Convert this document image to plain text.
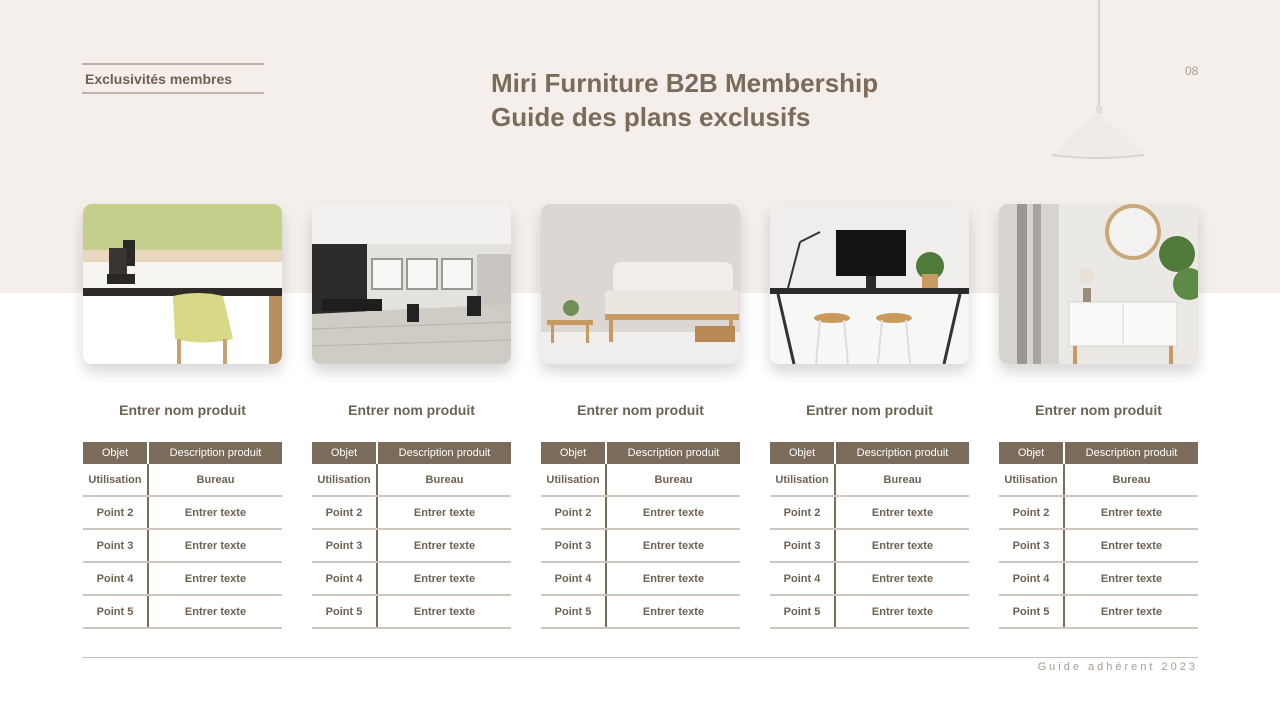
Exclusivités membres	Miri Furniture B2B Membership
Guide des plans exclusifs
08
Entrer nom produit
Objet	Description produit
Utilisation	Bureau
Point 2	Entrer texte
Point 3	Entrer texte
Point 4	Entrer texte
Point 5	Entrer texte
Entrer nom produit
Objet	Description produit
Utilisation	Bureau
Point 2	Entrer texte
Point 3	Entrer texte
Point 4	Entrer texte
Point 5	Entrer texte
Entrer nom produit
Objet	Description produit
Utilisation	Bureau
Point 2	Entrer texte
Point 3	Entrer texte
Point 4	Entrer texte
Point 5	Entrer texte
Entrer nom produit
Objet	Description produit
Utilisation	Bureau
Point 2	Entrer texte
Point 3	Entrer texte
Point 4	Entrer texte
Point 5	Entrer texte
Entrer nom produit
Objet	Description produit
Utilisation	Bureau
Point 2	Entrer texte
Point 3	Entrer texte
Point 4	Entrer texte
Point 5	Entrer texte
Guide adhérent 2023
